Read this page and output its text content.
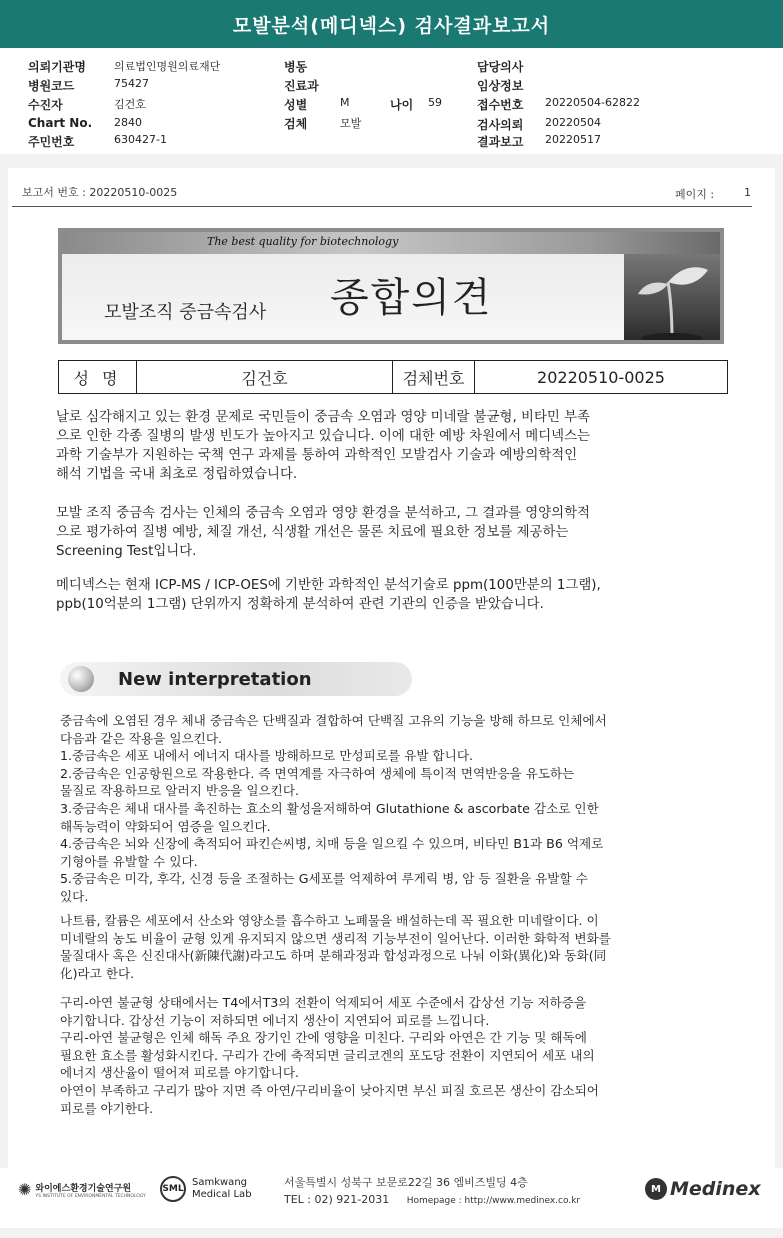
모발분석(메디넥스) 검사결과보고서
의뢰기관명	의료법인명원의료재단
병원코드	75427
수진자	김건호
Chart No. 2840
주민번호	630427-1
병동
진료과
성별	M	나이 59
검체	모발
담당의사
임상정보
접수번호 20220504-62822
검사의뢰 20220504
결과보고 20220517
보고서 번호 : 20220510-0025	페이지 :	1
The best quality for biotechnology
모발조직 중금속검사 종합의견
성 명	김건호	검체번호	20220510-0025
날로 심각해지고 있는 환경 문제로 국민들이 중금속 오염과 영양 미네랄 불균형, 비타민 부족
으로 인한 각종 질병의 발생 빈도가 높아지고 있습니다. 이에 대한 예방 차원에서 메디넥스는
과학 기술부가 지원하는 국책 연구 과제를 통하여 과학적인 모발검사 기술과 예방의학적인
해석 기법을 국내 최초로 정립하였습니다.
모발 조직 중금속 검사는 인체의 중금속 오염과 영양 환경을 분석하고, 그 결과를 영양의학적
으로 평가하여 질병 예방, 체질 개선, 식생활 개선은 물론 치료에 필요한 정보를 제공하는
Screening Test입니다.
메디넥스는 현재 ICP-MS / ICP-OES에 기반한 과학적인 분석기술로 ppm(100만분의 1그램),
ppb(10억분의 1그램) 단위까지 정확하게 분석하여 관련 기관의 인증을 받았습니다.
New interpretation
중금속에 오염된 경우 체내 중금속은 단백질과 결합하여 단백질 고유의 기능을 방해 하므로 인체에서
다음과 같은 작용을 일으킨다.
1.중금속은 세포 내에서 에너지 대사를 방해하므로 만성피로를 유발 합니다.
2.중금속은 인공항원으로 작용한다. 즉 면역계를 자극하여 생체에 특이적 면역반응을 유도하는
물질로 작용하므로 알러지 반응을 일으킨다.
3.중금속은 체내 대사를 촉진하는 효소의 활성을저해하여 Glutathione & ascorbate 감소로 인한
해독능력이 약화되어 염증을 일으킨다.
4.중금속은 뇌와 신장에 축적되어 파킨슨씨병, 치매 등을 일으킬 수 있으며, 비타민 B1과 B6 억제로
기형아를 유발할 수 있다.
5.중금속은 미각, 후각, 신경 등을 조절하는 G세포를 억제하여 루게릭 병, 암 등 질환을 유발할 수
있다.
나트륨, 칼륨은 세포에서 산소와 영양소를 흡수하고 노폐물을 배설하는데 꼭 필요한 미네랄이다. 이
미네랄의 농도 비율이 균형 있게 유지되지 않으면 생리적 기능부전이 일어난다. 이러한 화학적 변화를
물질대사 혹은 신진대사(新陳代謝)라고도 하며 분해과정과 합성과정으로 나눠 이화(異化)와 동화(同
化)라고 한다.
구리-아연 불균형 상태에서는 T4에서T3의 전환이 억제되어 세포 수준에서 갑상선 기능 저하증을
야기합니다. 갑상선 기능이 저하되면 에너지 생산이 지연되어 피로를 느낍니다.
구리-아연 불균형은 인체 해독 주요 장기인 간에 영향을 미친다. 구리와 아연은 간 기능 및 해독에
필요한 효소를 활성화시킨다. 구리가 간에 축적되면 글리코겐의 포도당 전환이 지연되어 세포 내의
에너지 생산율이 떨어져 피로를 야기합니다.
아연이 부족하고 구리가 많아 지면 즉 아연/구리비율이 낮아지면 부신 피질 호르몬 생산이 감소되어
피로를 야기한다.
✺ 와이에스환경기술연구원
YS INSTITUTE OF ENVIRONMENTAL TECHNOLOGY
SML
Samkwang
Medical Lab
서울특별시 성북구 보문로22길 36 엠비즈빌딩 4층
TEL : 02) 921-2031 Homepage : http://www.medinex.co.kr
M Medinex
